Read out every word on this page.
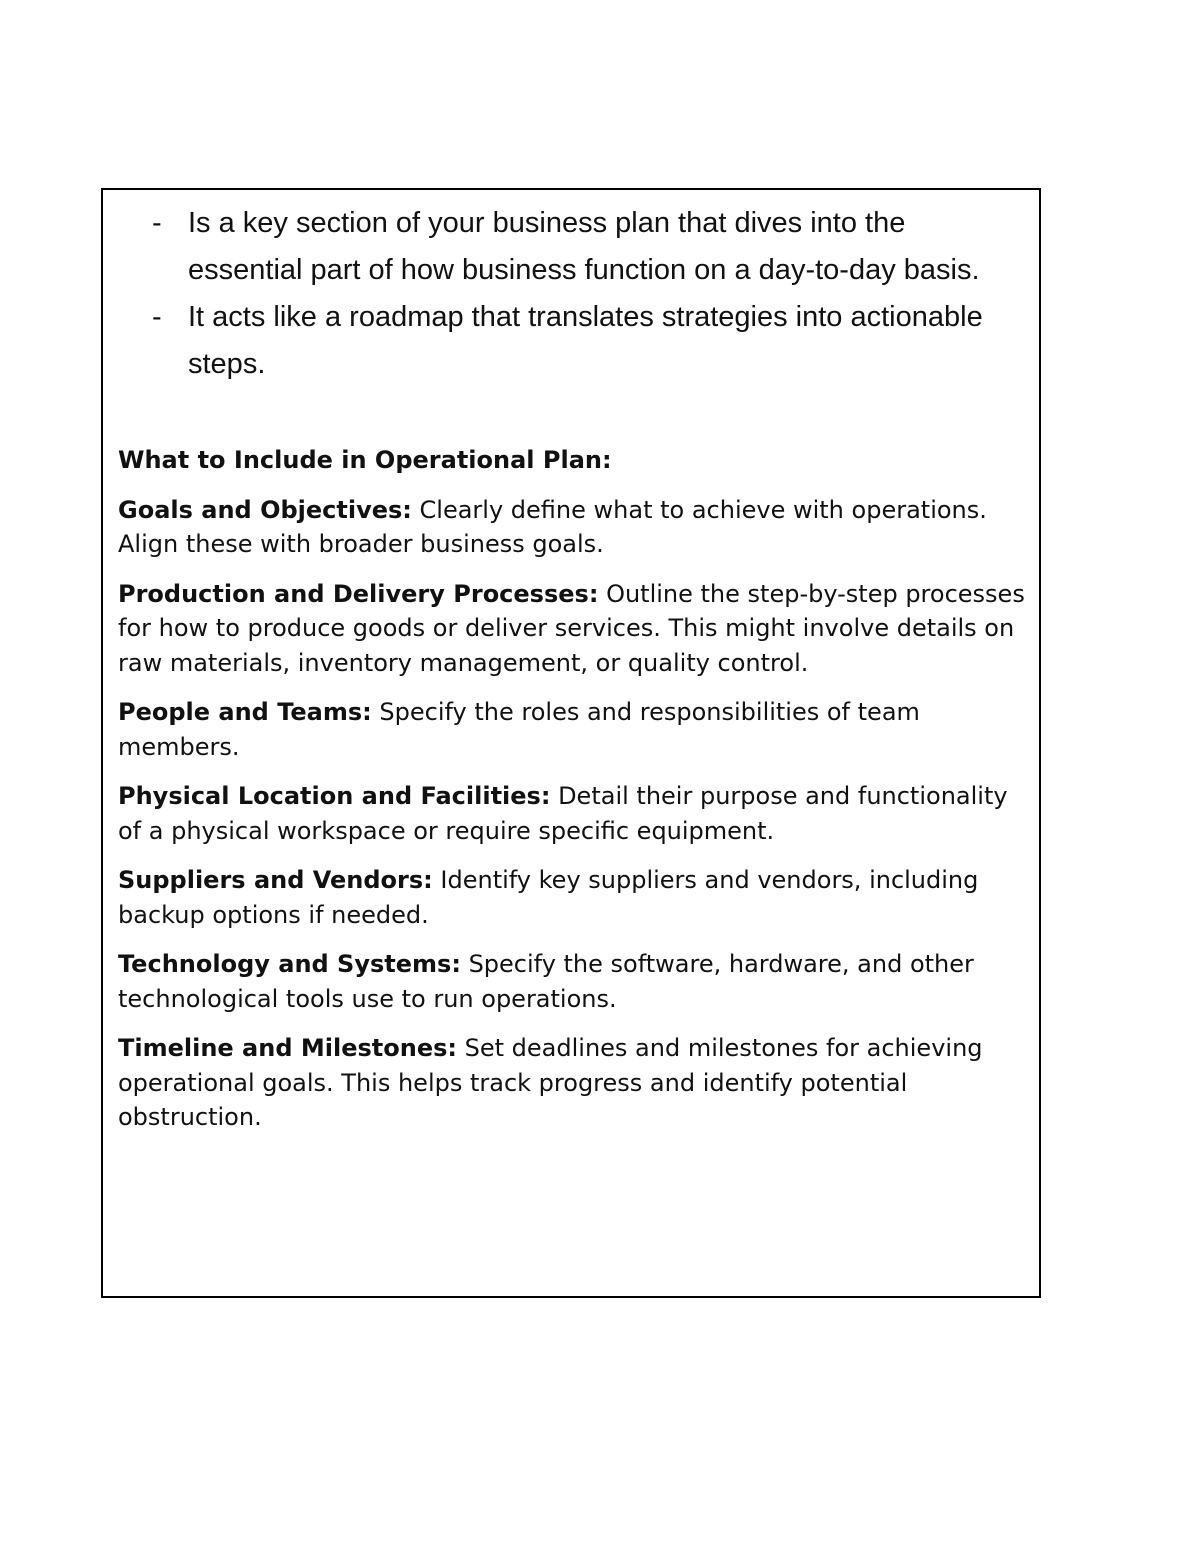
- Is a key section of your business plan that dives into the essential part of how business function on a day-to-day basis.
- It acts like a roadmap that translates strategies into actionable steps.
What to Include in Operational Plan:
Goals and Objectives: Clearly define what to achieve with operations. Align these with broader business goals.
Production and Delivery Processes: Outline the step-by-step processes for how to produce goods or deliver services. This might involve details on raw materials, inventory management, or quality control.
People and Teams: Specify the roles and responsibilities of team members.
Physical Location and Facilities: Detail their purpose and functionality of a physical workspace or require specific equipment.
Suppliers and Vendors: Identify key suppliers and vendors, including backup options if needed.
Technology and Systems: Specify the software, hardware, and other technological tools use to run operations.
Timeline and Milestones: Set deadlines and milestones for achieving operational goals. This helps track progress and identify potential obstruction.
